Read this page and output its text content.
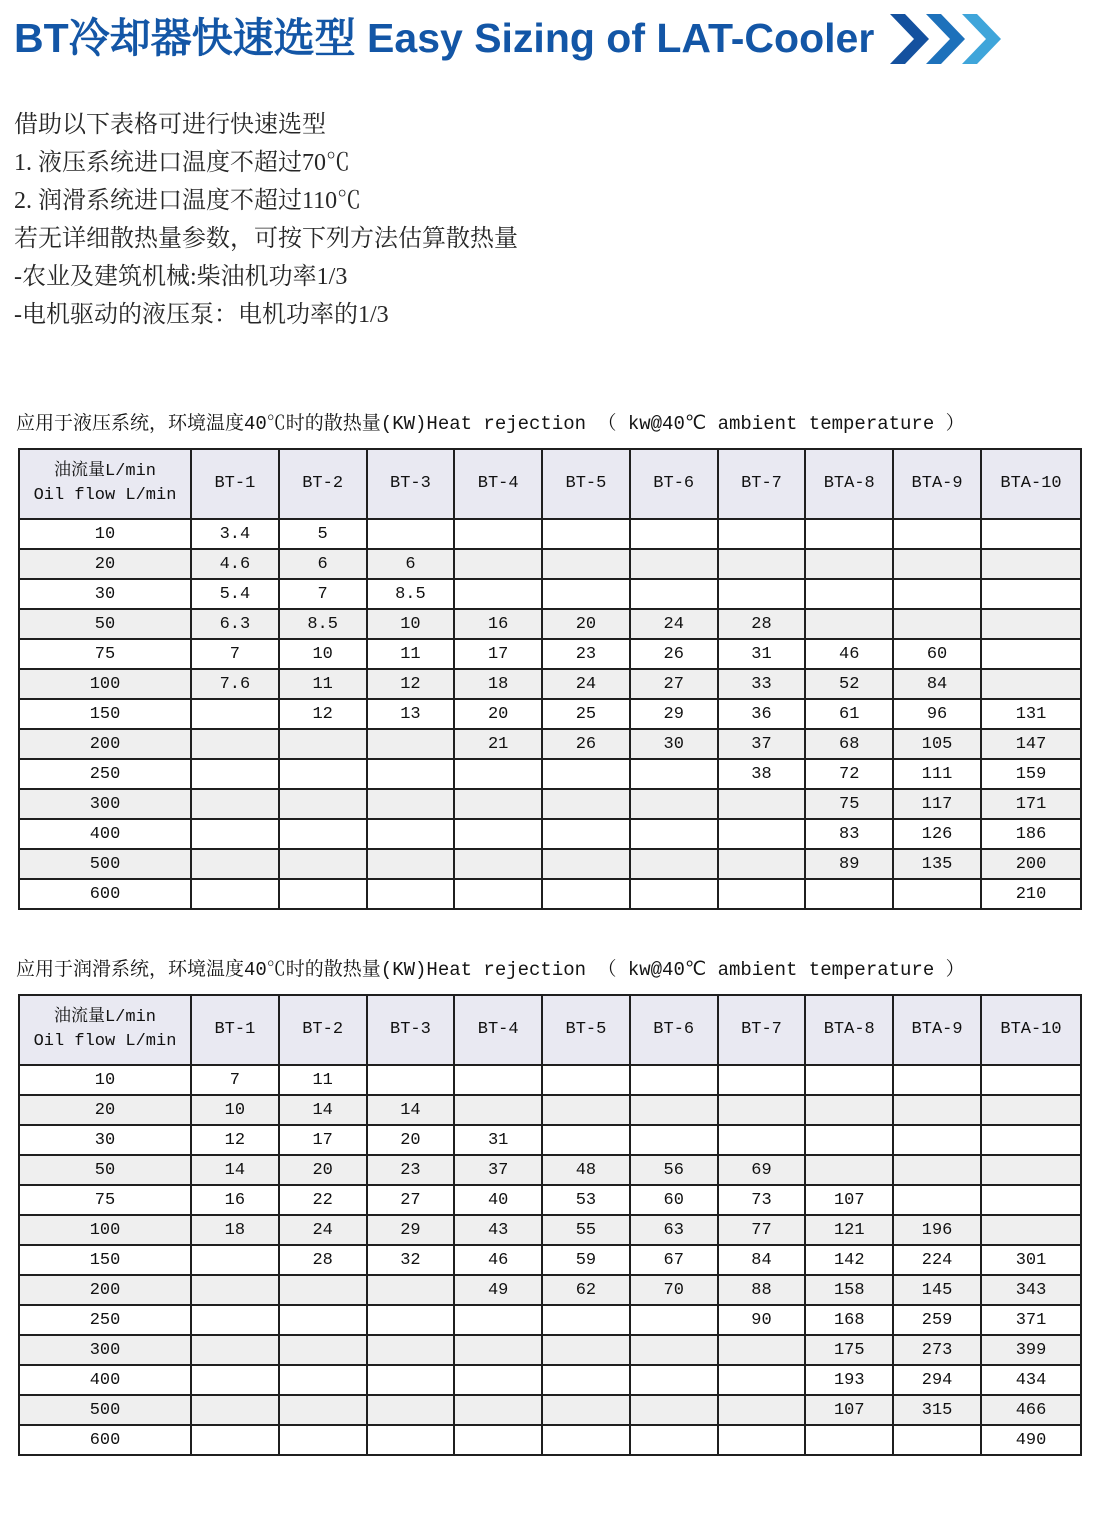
BT冷却器快速选型 Easy Sizing of LAT-Cooler

借助以下表格可进行快速选型

1. 液压系统进口温度不超过70℃

2. 润滑系统进口温度不超过110℃

若无详细散热量参数，可按下列方法估算散热量

-农业及建筑机械:柴油机功率1/3

-电机驱动的液压泵：电机功率的1/3

应用于液压系统，环境温度40℃时的散热量(KW)Heat rejection （ kw@40℃ ambient temperature ）

油流量L/min
Oil flow L/min	BT-1	BT-2	BT-3	BT-4	BT-5	BT-6	BT-7	BTA-8	BTA-9	BTA-10
10	3.4	5								
20	4.6	6	6							
30	5.4	7	8.5							
50	6.3	8.5	10	16	20	24	28			
75	7	10	11	17	23	26	31	46	60	
100	7.6	11	12	18	24	27	33	52	84	
150		12	13	20	25	29	36	61	96	131
200				21	26	30	37	68	105	147
250							38	72	111	159
300								75	117	171
400								83	126	186
500								89	135	200
600										210

应用于润滑系统，环境温度40℃时的散热量(KW)Heat rejection （ kw@40℃ ambient temperature ）

油流量L/min
Oil flow L/min	BT-1	BT-2	BT-3	BT-4	BT-5	BT-6	BT-7	BTA-8	BTA-9	BTA-10
10	7	11								
20	10	14	14							
30	12	17	20	31						
50	14	20	23	37	48	56	69			
75	16	22	27	40	53	60	73	107		
100	18	24	29	43	55	63	77	121	196	
150		28	32	46	59	67	84	142	224	301
200				49	62	70	88	158	145	343
250							90	168	259	371
300								175	273	399
400								193	294	434
500								107	315	466
600										490
